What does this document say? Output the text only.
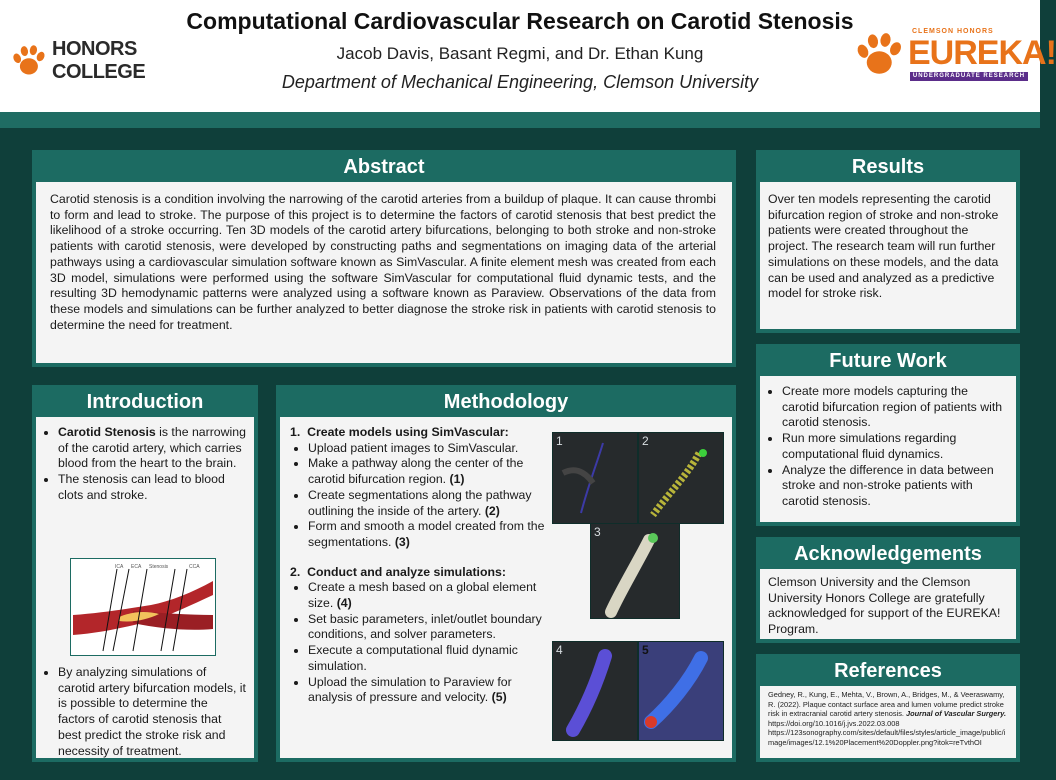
HONORS COLLEGE
Computational Cardiovascular Research on Carotid Stenosis
Jacob Davis, Basant Regmi, and Dr. Ethan Kung
Department of Mechanical Engineering, Clemson University
CLEMSON HONORS
EUREKA!
UNDERGRADUATE RESEARCH
Abstract
Carotid stenosis is a condition involving the narrowing of the carotid arteries from a buildup of plaque. It can cause thrombi to form and lead to stroke. The purpose of this project is to determine the factors of carotid stenosis that best predict the likelihood of a stroke occurring. Ten 3D models of the carotid artery bifurcations, belonging to both stroke and non-stroke patients with carotid stenosis, were developed by constructing paths and segmentations on imaging data of the arterial pathways using a cardiovascular simulation software known as SimVascular. A finite element mesh was created from each 3D model, simulations were performed using the software SimVascular for computational fluid dynamic tests, and the resulting 3D hemodynamic patterns were analyzed using a software known as Paraview. Observations of the data from these models and simulations can be further analyzed to better diagnose the stroke risk in patients with carotid stenosis to determine the need for treatment.
Results
Over ten models representing the carotid bifurcation region of stroke and non-stroke patients were created throughout the project. The research team will run further simulations on these models, and the data can be used and analyzed as a predictive model for stroke risk.
Future Work
• Create more models capturing the carotid bifurcation region of patients with carotid stenosis.
• Run more simulations regarding computational fluid dynamics.
• Analyze the difference in data between stroke and non-stroke patients with carotid stenosis.
Acknowledgements
Clemson University and the Clemson University Honors College are gratefully acknowledged for support of the EUREKA! Program.
References
Gedney, R., Kung, E., Mehta, V., Brown, A., Bridges, M., & Veeraswamy, R. (2022). Plaque contact surface area and lumen volume predict stroke risk in extracranial carotid artery stenosis. Journal of Vascular Surgery.
https://doi.org/10.1016/j.jvs.2022.03.008
https://123sonography.com/sites/default/files/styles/article_image/public/image/images/12.1%20Placement%20Doppler.png?itok=reTvthOI
Introduction
• Carotid Stenosis is the narrowing of the carotid artery, which carries blood from the heart to the brain.
• The stenosis can lead to blood clots and stroke.
ICA ECA Stenosis	CCA
• By analyzing simulations of carotid artery bifurcation models, it is possible to determine the factors of carotid stenosis that best predict the stroke risk and necessity of treatment.
Methodology
1.  Create models using SimVascular:
• Upload patient images to SimVascular.
• Make a pathway along the center of the carotid bifurcation region. (1)
• Create segmentations along the pathway outlining the inside of the artery. (2)
• Form and smooth a model created from the segmentations. (3)
2.  Conduct and analyze simulations:
• Create a mesh based on a global element size. (4)
• Set basic parameters, inlet/outlet boundary conditions, and solver parameters.
• Execute a computational fluid dynamic simulation.
• Upload the simulation to Paraview for analysis of pressure and velocity. (5)
1	2
3
4	5
